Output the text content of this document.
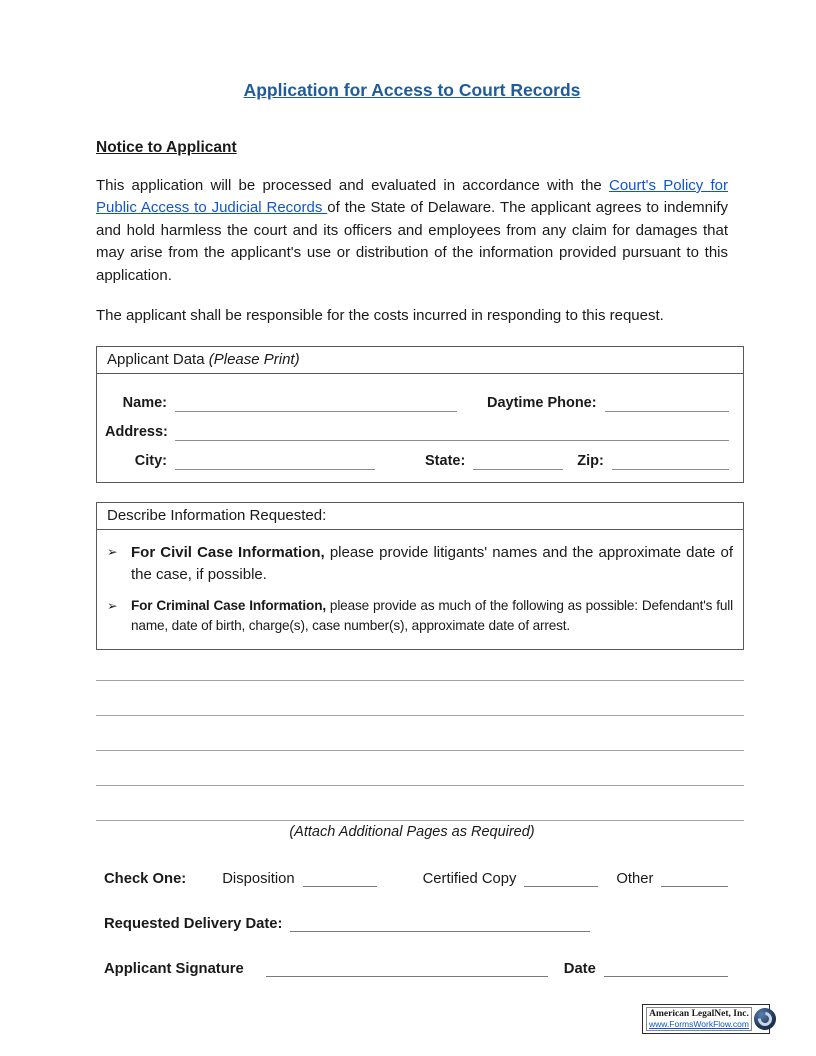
Application for Access to Court Records
Notice to Applicant

This application will be processed and evaluated in accordance with the Court's Policy for Public Access to Judicial Records of the State of Delaware. The applicant agrees to indemnify and hold harmless the court and its officers and employees from any claim for damages that may arise from the applicant's use or distribution of the information provided pursuant to this application.

The applicant shall be responsible for the costs incurred in responding to this request.

Applicant Data (Please Print)
Name:	Daytime Phone:
Address:
City:	State:	Zip:
Describe Information Requested:
➢ For Civil Case Information, please provide litigants' names and the approximate date of the case, if possible.
➢ For Criminal Case Information, please provide as much of the following as possible: Defendant's full name, date of birth, charge(s), case number(s), approximate date of arrest.
(Attach Additional Pages as Required)
Check One: Disposition	Certified Copy	Other
Requested Delivery Date:
Applicant Signature	Date
American LegalNet, Inc.
www.FormsWorkFlow.com
